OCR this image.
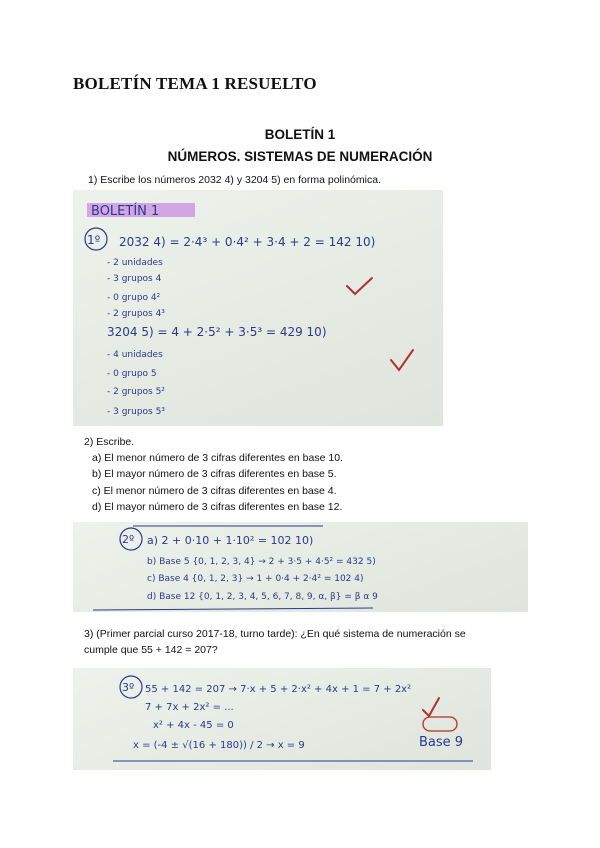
BOLETÍN TEMA 1 RESUELTO
BOLETÍN 1
NÚMEROS. SISTEMAS DE NUMERACIÓN
1) Escribe los números 2032 4) y 3204 5) en forma polinómica.
BOLETÍN 1
1º 2032 4) = 2·4³ + 0·4² + 3·4 + 2 = 142 10)
- 2 unidades
- 3 grupos 4
- 0 grupo 4²
- 2 grupos 4³
3204 5) = 4 + 2·5² + 3·5³ = 429 10)
- 4 unidades
- 0 grupo 5
- 2 grupos 5²
- 3 grupos 5³
2) Escribe.
a) El menor número de 3 cifras diferentes en base 10.
b) El mayor número de 3 cifras diferentes en base 5.
c) El menor número de 3 cifras diferentes en base 4.
d) El mayor número de 3 cifras diferentes en base 12.
2º a) 2 + 0·10 + 1·10² = 102 10)
b) Base 5 {0, 1, 2, 3, 4} → 2 + 3·5 + 4·5² = 432 5)
c) Base 4 {0, 1, 2, 3} → 1 + 0·4 + 2·4² = 102 4)
d) Base 12 {0, 1, 2, 3, 4, 5, 6, 7, 8, 9, α, β} = β α 9
3) (Primer parcial curso 2017-18, turno tarde): ¿En qué sistema de numeración se
cumple que 55 + 142 = 207?
3º 55 + 142 = 207 → 7·x + 5 + 2·x² + 4x + 1 = 7 + 2x²
7 + 7x + 2x² = ...
x² + 4x - 45 = 0
x = (-4 ± √(16 + 180)) / 2 → x = 9	Base 9
